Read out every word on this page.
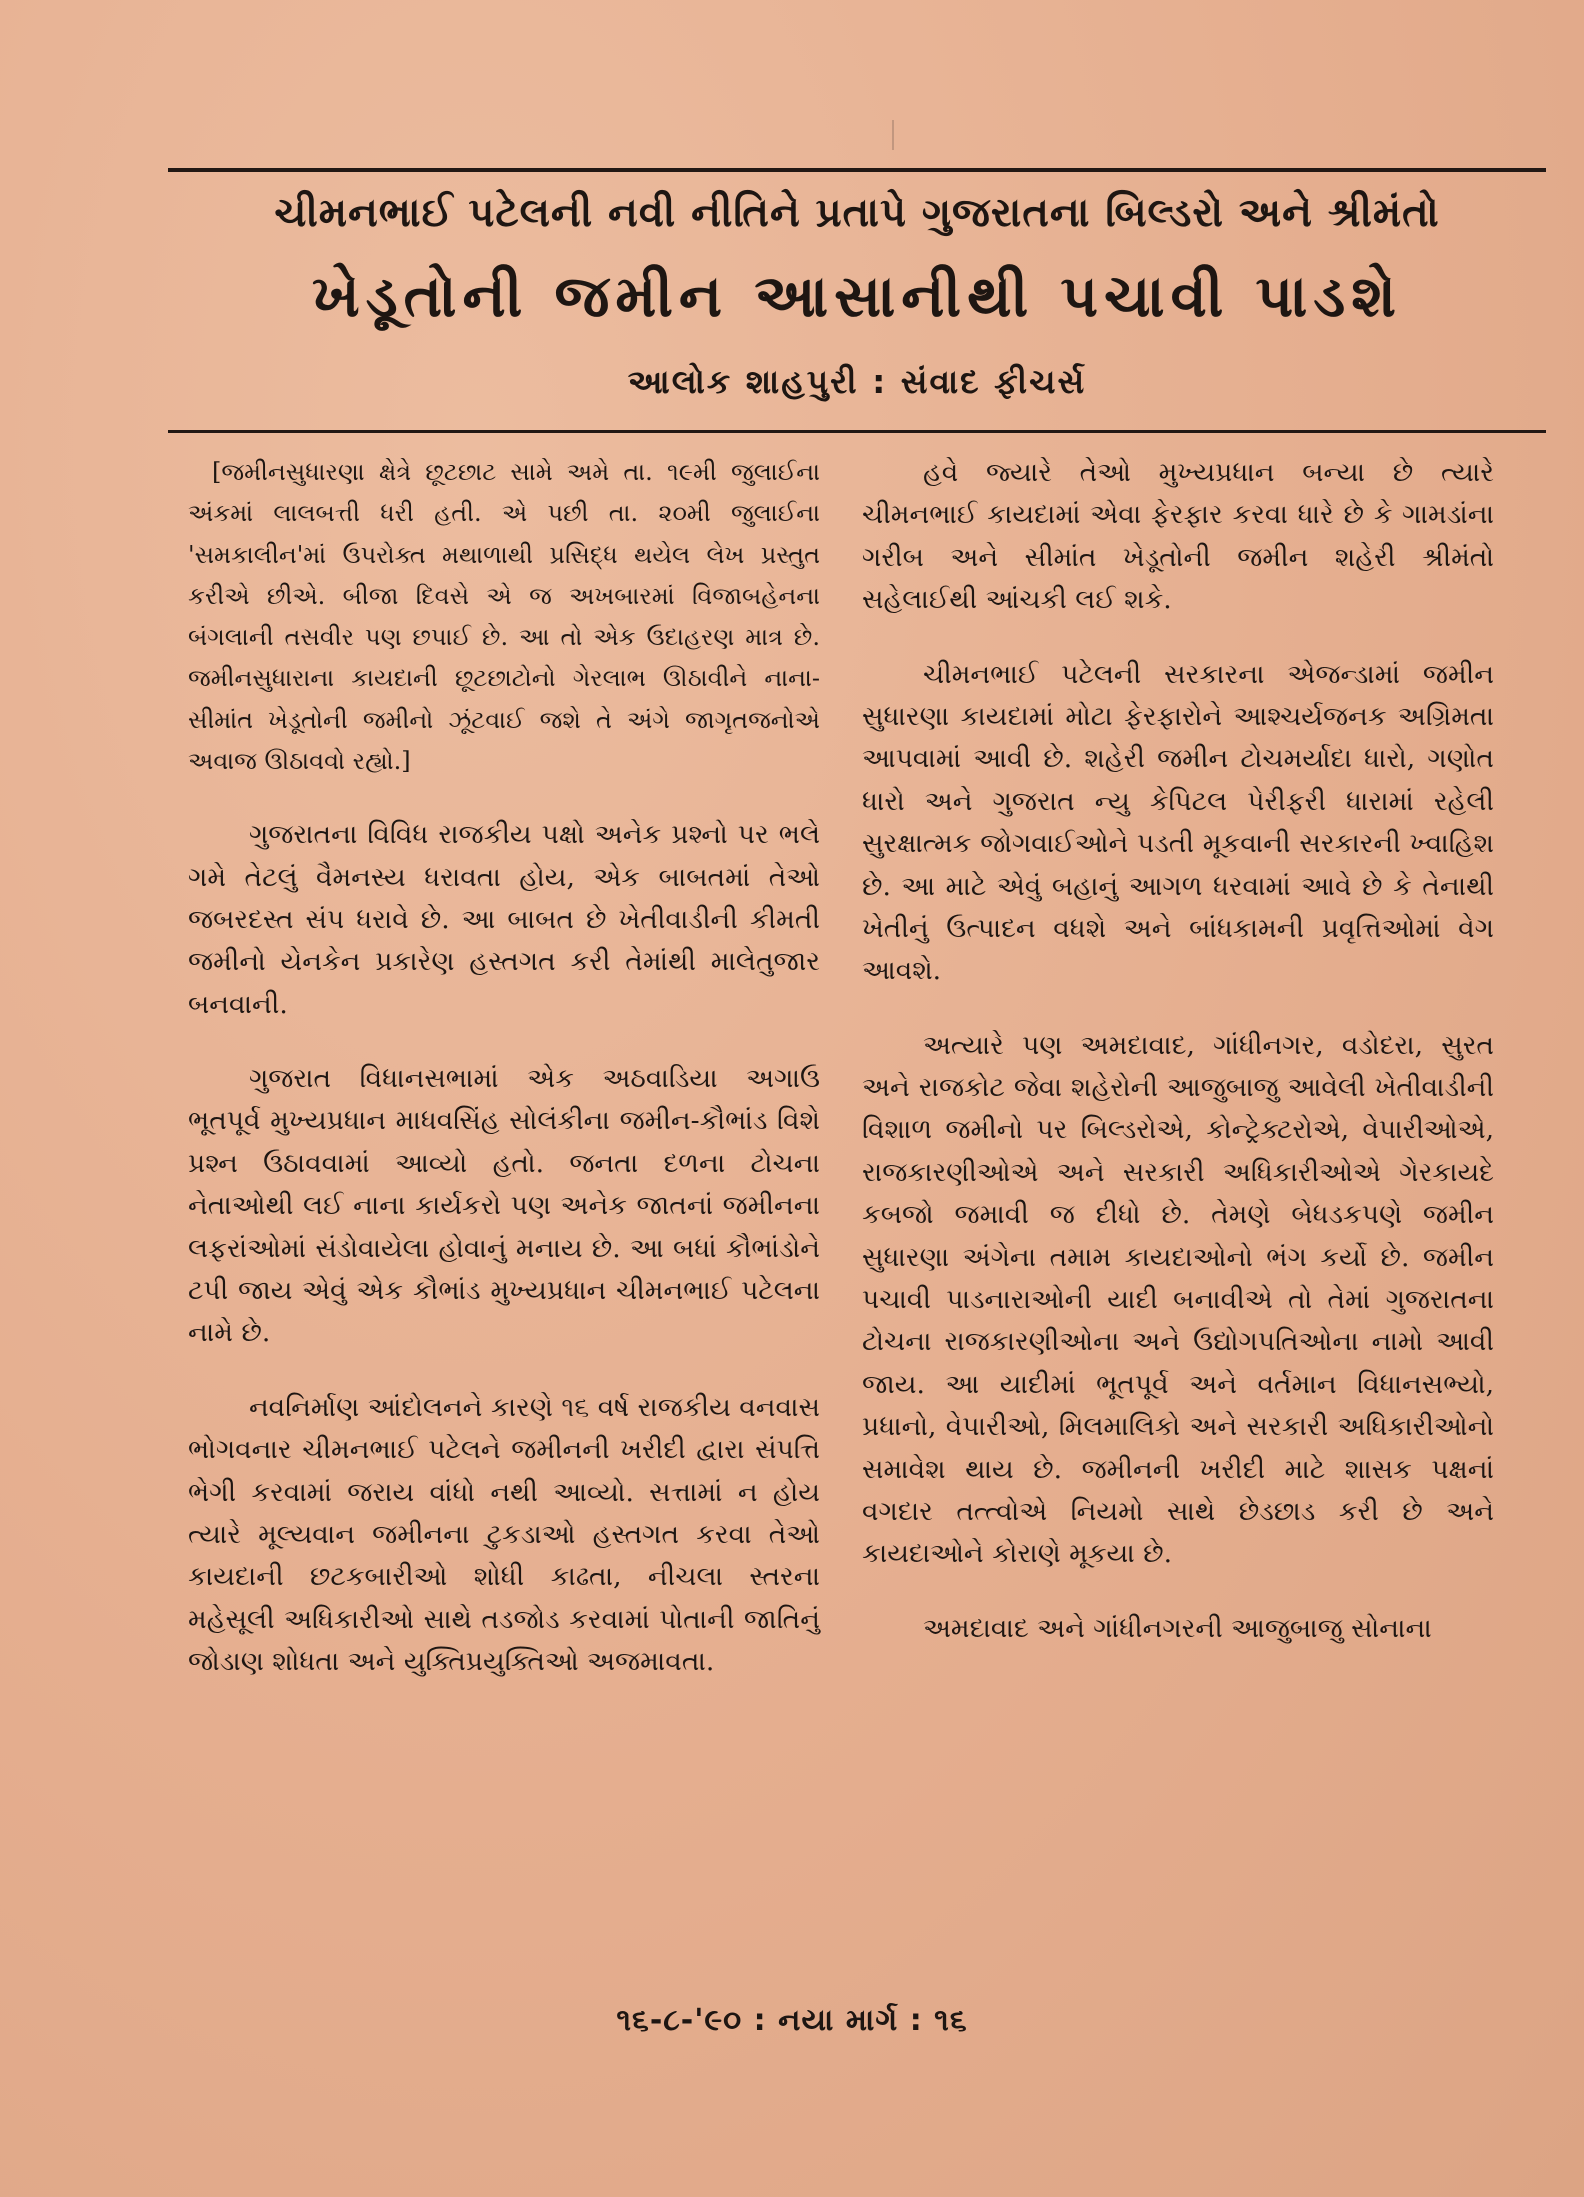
ચીમનભાઈ પટેલની નવી નીતિને પ્રતાપે ગુજરાતના બિલ્ડરો અને શ્રીમંતો
ખેડૂતોની જમીન આસાનીથી પચાવી પાડશે
આલોક શાહપુરી : સંવાદ ફીચર્સ

[જમીનસુધારણા ક્ષેત્રે છૂટછાટ સામે અમે તા. ૧૯મી જુલાઈના અંકમાં લાલબત્તી ધરી હતી. એ પછી તા. ૨૦મી જુલાઈના 'સમકાલીન'માં ઉપરોક્ત મથાળાથી પ્રસિદ્ધ થયેલ લેખ પ્રસ્તુત કરીએ છીએ. બીજા દિવસે એ જ અખબારમાં વિજાબહેનના બંગલાની તસવીર પણ છપાઈ છે. આ તો એક ઉદાહરણ માત્ર છે. જમીનસુધારાના કાયદાની છૂટછાટોનો ગેરલાભ ઊઠાવીને નાના-સીમાંત ખેડૂતોની જમીનો ઝૂંટવાઈ જશે તે અંગે જાગૃતજનોએ અવાજ ઊઠાવવો રહ્યો.]

ગુજરાતના વિવિધ રાજકીય પક્ષો અનેક પ્રશ્નો પર ભલે ગમે તેટલું વૈમનસ્ય ધરાવતા હોય, એક બાબતમાં તેઓ જબરદસ્ત સંપ ધરાવે છે. આ બાબત છે ખેતીવાડીની કીમતી જમીનો યેનકેન પ્રકારેણ હસ્તગત કરી તેમાંથી માલેતુજાર બનવાની.

ગુજરાત વિધાનસભામાં એક અઠવાડિયા અગાઉ ભૂતપૂર્વ મુખ્યપ્રધાન માધવસિંહ સોલંકીના જમીન-કૌભાંડ વિશે પ્રશ્ન ઉઠાવવામાં આવ્યો હતો. જનતા દળના ટોચના નેતાઓથી લઈ નાના કાર્યકરો પણ અનેક જાતનાં જમીનના લફરાંઓમાં સંડોવાયેલા હોવાનું મનાય છે. આ બધાં કૌભાંડોને ટપી જાય એવું એક કૌભાંડ મુખ્યપ્રધાન ચીમનભાઈ પટેલના નામે છે.

નવનિર્માણ આંદોલનને કારણે ૧૬ વર્ષ રાજકીય વનવાસ ભોગવનાર ચીમનભાઈ પટેલને જમીનની ખરીદી દ્વારા સંપત્તિ ભેગી કરવામાં જરાય વાંધો નથી આવ્યો. સત્તામાં ન હોય ત્યારે મૂલ્યવાન જમીનના ટુકડાઓ હસ્તગત કરવા તેઓ કાયદાની છટકબારીઓ શોધી કાઢતા, નીચલા સ્તરના મહેસૂલી અધિકારીઓ સાથે તડજોડ કરવામાં પોતાની જાતિનું જોડાણ શોધતા અને યુક્તિપ્રયુક્તિઓ અજમાવતા.

હવે જ્યારે તેઓ મુખ્યપ્રધાન બન્યા છે ત્યારે ચીમનભાઈ કાયદામાં એવા ફેરફાર કરવા ધારે છે કે ગામડાંના ગરીબ અને સીમાંત ખેડૂતોની જમીન શહેરી શ્રીમંતો સહેલાઈથી આંચકી લઈ શકે.

ચીમનભાઈ પટેલની સરકારના એજન્ડામાં જમીન સુધારણા કાયદામાં મોટા ફેરફારોને આશ્ચર્યજનક અગ્રિમતા આપવામાં આવી છે. શહેરી જમીન ટોચમર્યાદા ધારો, ગણોત ધારો અને ગુજરાત ન્યુ કેપિટલ પેરીફરી ધારામાં રહેલી સુરક્ષાત્મક જોગવાઈઓને પડતી મૂકવાની સરકારની ખ્વાહિશ છે. આ માટે એવું બહાનું આગળ ધરવામાં આવે છે કે તેનાથી ખેતીનું ઉત્પાદન વધશે અને બાંધકામની પ્રવૃત્તિઓમાં વેગ આવશે.

અત્યારે પણ અમદાવાદ, ગાંધીનગર, વડોદરા, સુરત અને રાજકોટ જેવા શહેરોની આજુબાજુ આવેલી ખેતીવાડીની વિશાળ જમીનો પર બિલ્ડરોએ, કોન્ટ્રેક્ટરોએ, વેપારીઓએ, રાજકારણીઓએ અને સરકારી અધિકારીઓએ ગેરકાયદે કબજો જમાવી જ દીધો છે. તેમણે બેધડકપણે જમીન સુધારણા અંગેના તમામ કાયદાઓનો ભંગ કર્યો છે. જમીન પચાવી પાડનારાઓની યાદી બનાવીએ તો તેમાં ગુજરાતના ટોચના રાજકારણીઓના અને ઉદ્યોગપતિઓના નામો આવી જાય. આ યાદીમાં ભૂતપૂર્વ અને વર્તમાન વિધાનસભ્યો, પ્રધાનો, વેપારીઓ, મિલમાલિકો અને સરકારી અધિકારીઓનો સમાવેશ થાય છે. જમીનની ખરીદી માટે શાસક પક્ષનાં વગદાર તત્ત્વોએ નિયમો સાથે છેડછાડ કરી છે અને કાયદાઓને કોરાણે મૂકયા છે.

અમદાવાદ અને ગાંધીનગરની આજુબાજુ સોનાના

૧૬-૮-'૯૦ : નયા માર્ગ : ૧૬
